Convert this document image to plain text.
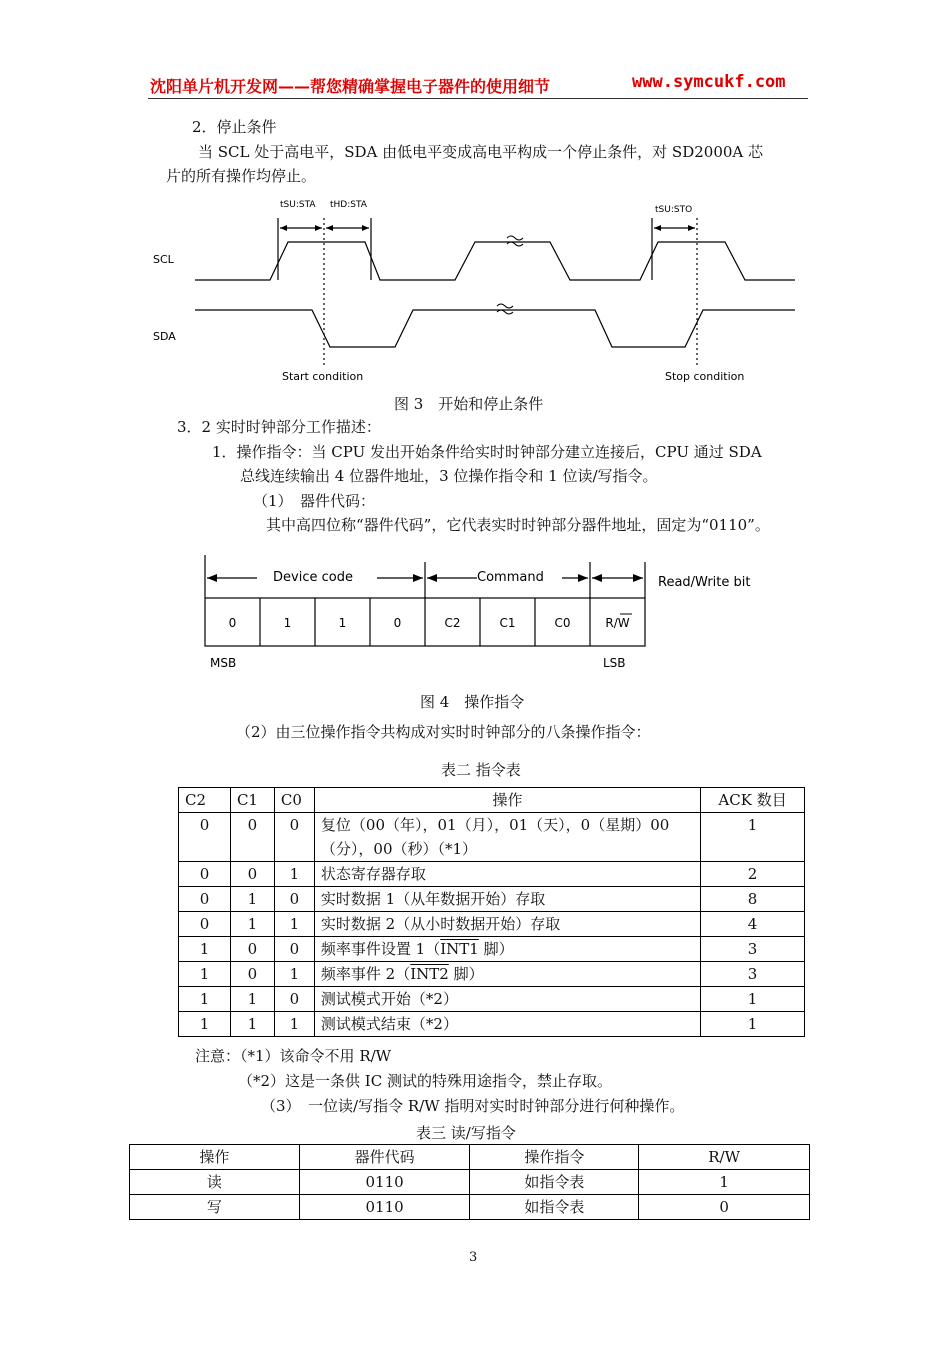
沈阳单片机开发网——帮您精确掌握电子器件的使用细节	www.symcukf.com
2．停止条件
当 SCL 处于高电平，SDA 由低电平变成高电平构成一个停止条件，对 SD2000A 芯
片的所有操作均停止。
tSU:STA tHD:STA	tSU:STO
SCL
SDA
Start condition	Stop condition
图 3　开始和停止条件
3．2 实时时钟部分工作描述：
1．操作指令：当 CPU 发出开始条件给实时时钟部分建立连接后，CPU 通过 SDA
总线连续输出 4 位器件地址，3 位操作指令和 1 位读/写指令。
（1）　器件代码：
其中高四位称“器件代码”，它代表实时时钟部分器件地址，固定为“0110”。
Device code	Command	Read/Write bit
0	1	1	0	C2	C1	C0	R/W
MSB	LSB
图 4　操作指令
（2）由三位操作指令共构成对实时时钟部分的八条操作指令：
表二 指令表
C2	C1	C0	操作	ACK 数目
0	0	0	复位（00（年），01（月），01（天），0（星期）00
（分），00（秒）（*1）	1
0	0	1	状态寄存器存取	2
0	1	0	实时数据 1（从年数据开始）存取	8
0	1	1	实时数据 2（从小时数据开始）存取	4
1	0	0	频率事件设置 1（INT1 脚）	3
1	0	1	频率事件 2（INT2 脚）	3
1	1	0	测试模式开始（*2）	1
1	1	1	测试模式结束（*2）	1
注意：（*1）该命令不用 R/W
（*2）这是一条供 IC 测试的特殊用途指令，禁止存取。
（3）　一位读/写指令 R/W 指明对实时时钟部分进行何种操作。
表三 读/写指令
操作	器件代码	操作指令	R/W
读	0110	如指令表	1
写	0110	如指令表	0
3
